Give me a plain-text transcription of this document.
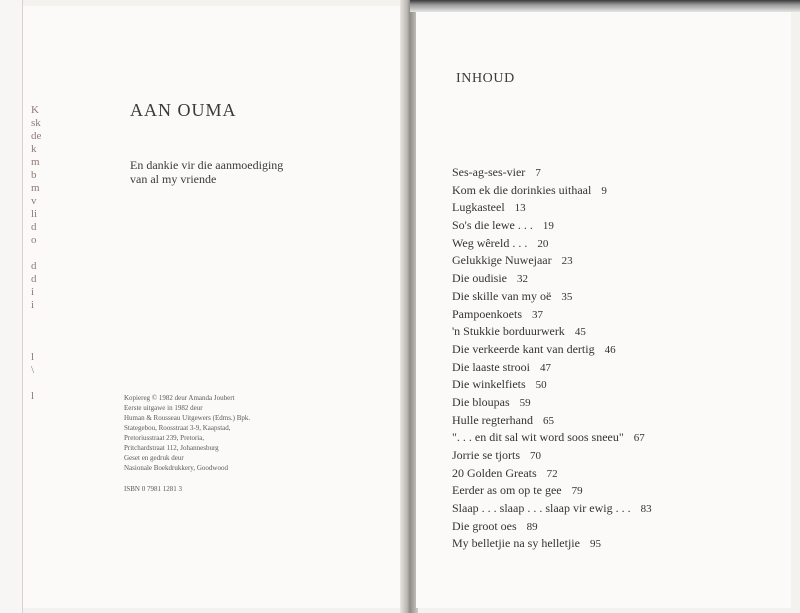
K
sk
de
k
m
b
m
v
li
d
o
d
d
i
i
l
\
l
AAN OUMA
En dankie vir die aanmoediging
van al my vriende
Kopiereg © 1982 deur Amanda Joubert
Eerste uitgawe in 1982 deur
Human & Rousseau Uitgewers (Edms.) Bpk.
Stategebou, Roosstraat 3-9, Kaapstad,
Pretoriusstraat 239, Pretoria,
Pritchardstraat 112, Johannesburg
Geset en gedruk deur
Nasionale Boekdrukkery, Goodwood
ISBN 0 7981 1281 3
INHOUD
Ses-ag-ses-vier 7
Kom ek die dorinkies uithaal 9
Lugkasteel 13
So's die lewe . . . 19
Weg wêreld . . . 20
Gelukkige Nuwejaar 23
Die oudisie 32
Die skille van my oë 35
Pampoenkoets 37
'n Stukkie borduurwerk 45
Die verkeerde kant van dertig 46
Die laaste strooi 47
Die winkelfiets 50
Die bloupas 59
Hulle regterhand 65
". . . en dit sal wit word soos sneeu" 67
Jorrie se tjorts 70
20 Golden Greats 72
Eerder as om op te gee 79
Slaap . . . slaap . . . slaap vir ewig . . . 83
Die groot oes 89
My belletjie na sy helletjie 95
